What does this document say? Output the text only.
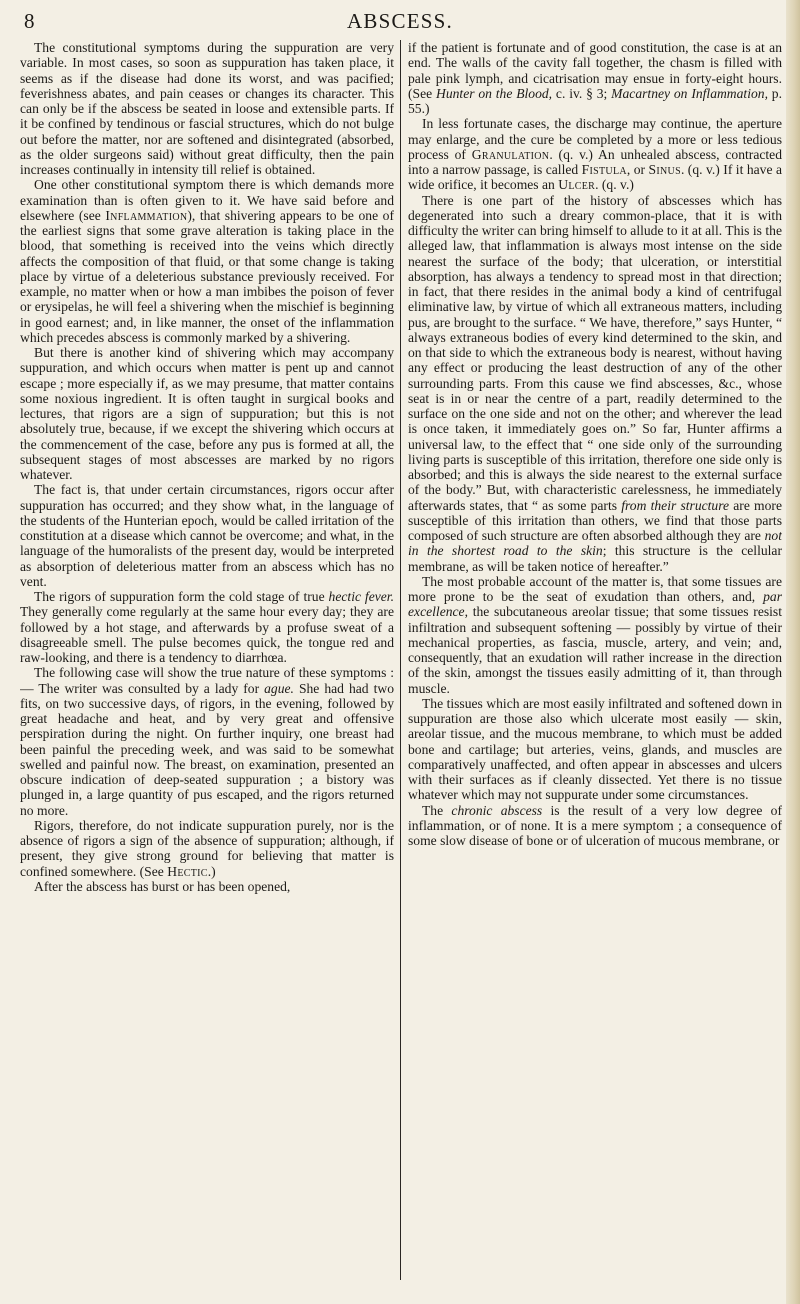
8	ABSCESS.

The constitutional symptoms during the suppuration are very variable. In most cases, so soon as suppuration has taken place, it seems as if the disease had done its worst, and was pacified; feverishness abates, and pain ceases or changes its character. This can only be if the abscess be seated in loose and extensible parts. If it be confined by tendinous or fascial structures, which do not bulge out before the matter, nor are softened and disintegrated (absorbed, as the older surgeons said) without great difficulty, then the pain increases continually in intensity till relief is obtained.

One other constitutional symptom there is which demands more examination than is often given to it. We have said before and elsewhere (see Inflammation), that shivering appears to be one of the earliest signs that some grave alteration is taking place in the blood, that something is received into the veins which directly affects the composition of that fluid, or that some change is taking place by virtue of a deleterious substance previously received. For example, no matter when or how a man imbibes the poison of fever or erysipelas, he will feel a shivering when the mischief is beginning in good earnest; and, in like manner, the onset of the inflammation which precedes abscess is commonly marked by a shivering.

But there is another kind of shivering which may accompany suppuration, and which occurs when matter is pent up and cannot escape ; more especially if, as we may presume, that matter contains some noxious ingredient. It is often taught in surgical books and lectures, that rigors are a sign of suppuration; but this is not absolutely true, because, if we except the shivering which occurs at the commencement of the case, before any pus is formed at all, the subsequent stages of most abscesses are marked by no rigors whatever.

The fact is, that under certain circumstances, rigors occur after suppuration has occurred; and they show what, in the language of the students of the Hunterian epoch, would be called irritation of the constitution at a disease which cannot be overcome; and what, in the language of the humoralists of the present day, would be interpreted as absorption of deleterious matter from an abscess which has no vent.

The rigors of suppuration form the cold stage of true hectic fever. They generally come regularly at the same hour every day; they are followed by a hot stage, and afterwards by a profuse sweat of a disagreeable smell. The pulse becomes quick, the tongue red and raw-looking, and there is a tendency to diarrhœa.

The following case will show the true nature of these symptoms : — The writer was consulted by a lady for ague. She had had two fits, on two successive days, of rigors, in the evening, followed by great headache and heat, and by very great and offensive perspiration during the night. On further inquiry, one breast had been painful the preceding week, and was said to be somewhat swelled and painful now. The breast, on examination, presented an obscure indication of deep-seated suppuration ; a bistory was plunged in, a large quantity of pus escaped, and the rigors returned no more.

Rigors, therefore, do not indicate suppuration purely, nor is the absence of rigors a sign of the absence of suppuration; although, if present, they give strong ground for believing that matter is confined somewhere. (See Hectic.)

After the abscess has burst or has been opened,

if the patient is fortunate and of good constitution, the case is at an end. The walls of the cavity fall together, the chasm is filled with pale pink lymph, and cicatrisation may ensue in forty-eight hours. (See Hunter on the Blood, c. iv. § 3; Macartney on Inflammation, p. 55.)

In less fortunate cases, the discharge may continue, the aperture may enlarge, and the cure be completed by a more or less tedious process of Granulation. (q. v.) An unhealed abscess, contracted into a narrow passage, is called Fistula, or Sinus. (q. v.) If it have a wide orifice, it becomes an Ulcer. (q. v.)

There is one part of the history of abscesses which has degenerated into such a dreary common-place, that it is with difficulty the writer can bring himself to allude to it at all. This is the alleged law, that inflammation is always most intense on the side nearest the surface of the body; that ulceration, or interstitial absorption, has always a tendency to spread most in that direction; in fact, that there resides in the animal body a kind of centrifugal eliminative law, by virtue of which all extraneous matters, including pus, are brought to the surface. “ We have, therefore,” says Hunter, “ always extraneous bodies of every kind determined to the skin, and on that side to which the extraneous body is nearest, without having any effect or producing the least destruction of any of the other surrounding parts. From this cause we find abscesses, &c., whose seat is in or near the centre of a part, readily determined to the surface on the one side and not on the other; and wherever the lead is once taken, it immediately goes on.” So far, Hunter affirms a universal law, to the effect that “ one side only of the surrounding living parts is susceptible of this irritation, therefore one side only is absorbed; and this is always the side nearest to the external surface of the body.” But, with characteristic carelessness, he immediately afterwards states, that “ as some parts from their structure are more susceptible of this irritation than others, we find that those parts composed of such structure are often absorbed although they are not in the shortest road to the skin; this structure is the cellular membrane, as will be taken notice of hereafter.”

The most probable account of the matter is, that some tissues are more prone to be the seat of exudation than others, and, par excellence, the subcutaneous areolar tissue; that some tissues resist infiltration and subsequent softening — possibly by virtue of their mechanical properties, as fascia, muscle, artery, and vein; and, consequently, that an exudation will rather increase in the direction of the skin, amongst the tissues easily admitting of it, than through muscle.

The tissues which are most easily infiltrated and softened down in suppuration are those also which ulcerate most easily — skin, areolar tissue, and the mucous membrane, to which must be added bone and cartilage; but arteries, veins, glands, and muscles are comparatively unaffected, and often appear in abscesses and ulcers with their surfaces as if cleanly dissected. Yet there is no tissue whatever which may not suppurate under some circumstances.

The chronic abscess is the result of a very low degree of inflammation, or of none. It is a mere symptom ; a consequence of some slow disease of bone or of ulceration of mucous membrane, or
